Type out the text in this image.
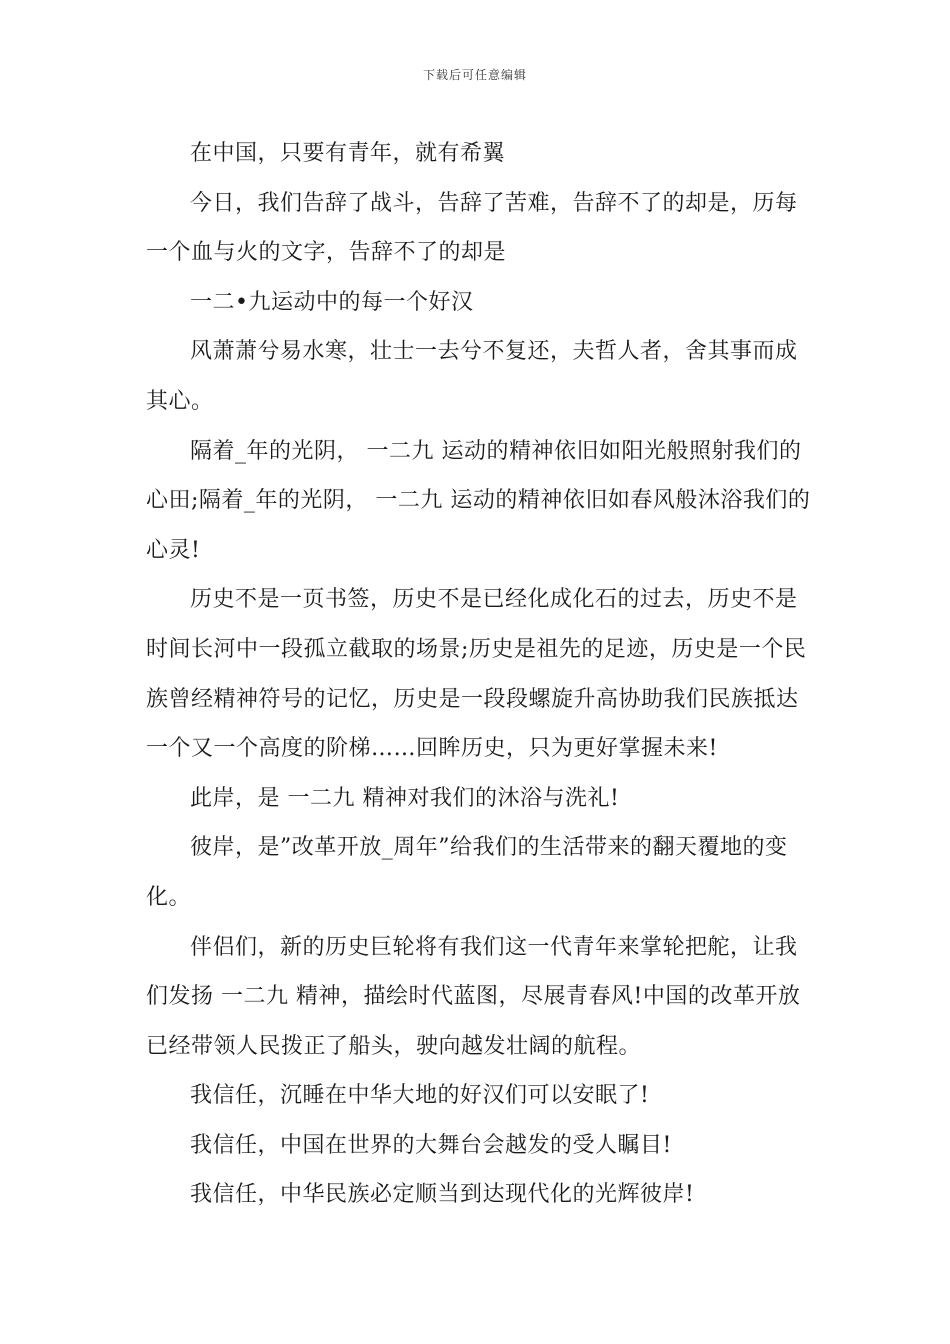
下载后可任意编辑

在中国，只要有青年，就有希翼

今日，我们告辞了战斗，告辞了苦难，告辞不了的却是，历每一个血与火的文字，告辞不了的却是

一二•九运动中的每一个好汉

风萧萧兮易水寒，壮士一去兮不复还，夫哲人者，舍其事而成其心。

隔着_年的光阴， 一二九 运动的精神依旧如阳光般照射我们的心田;隔着_年的光阴， 一二九 运动的精神依旧如春风般沐浴我们的心灵!

历史不是一页书签，历史不是已经化成化石的过去，历史不是时间长河中一段孤立截取的场景;历史是祖先的足迹，历史是一个民族曾经精神符号的记忆，历史是一段段螺旋升高协助我们民族抵达一个又一个高度的阶梯……回眸历史，只为更好掌握未来!

此岸，是 一二九 精神对我们的沐浴与洗礼!

彼岸，是”改革开放_周年”给我们的生活带来的翻天覆地的变化。

伴侣们，新的历史巨轮将有我们这一代青年来掌轮把舵，让我们发扬 一二九 精神，描绘时代蓝图，尽展青春风!中国的改革开放已经带领人民拨正了船头，驶向越发壮阔的航程。

我信任，沉睡在中华大地的好汉们可以安眠了!

我信任，中国在世界的大舞台会越发的受人瞩目!

我信任，中华民族必定顺当到达现代化的光辉彼岸!
